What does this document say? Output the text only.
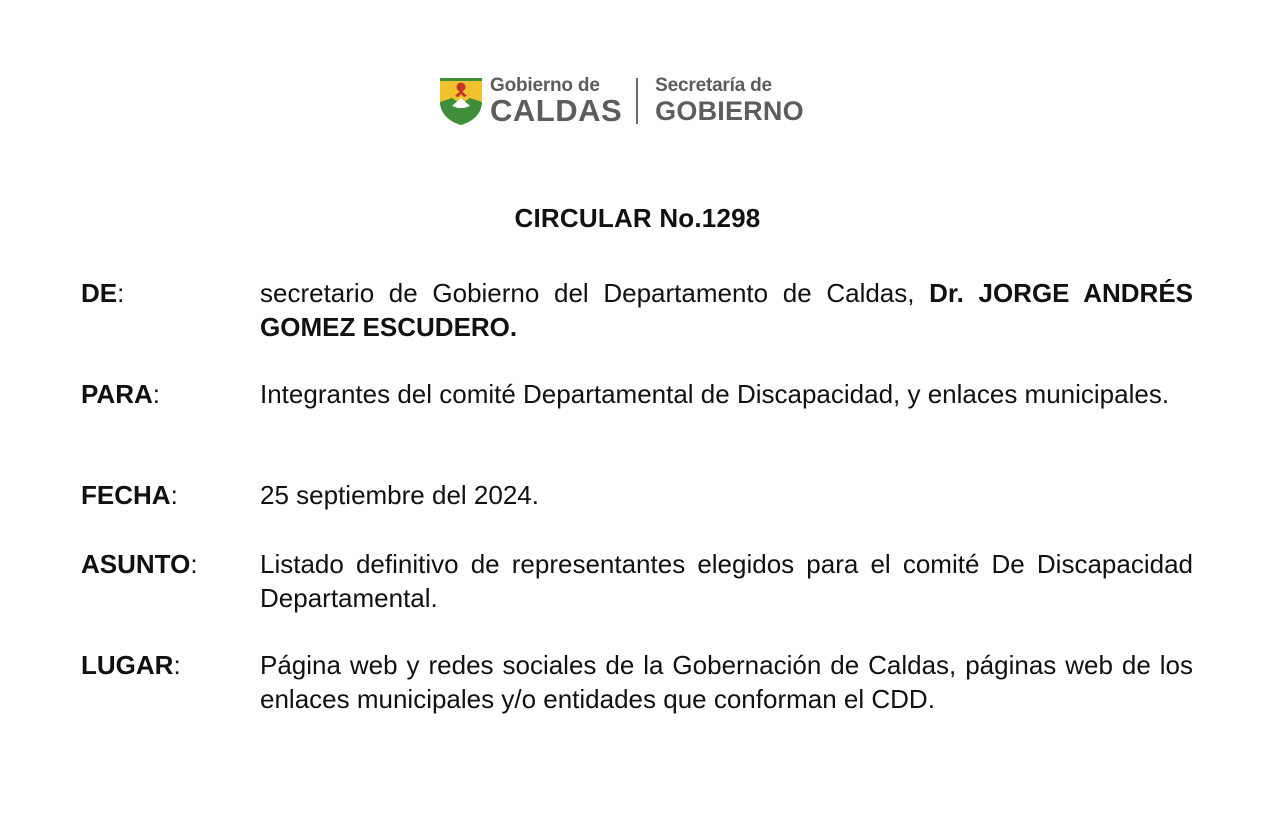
Gobierno de
CALDAS
Secretaría de
GOBIERNO
CIRCULAR No.1298
DE:	secretario de Gobierno del Departamento de Caldas, Dr. JORGE ANDRÉS GOMEZ ESCUDERO.
PARA:	Integrantes del comité Departamental de Discapacidad, y enlaces municipales.
FECHA:	25 septiembre del 2024.
ASUNTO: Listado definitivo de representantes elegidos para el comité De Discapacidad Departamental.
LUGAR:	Página web y redes sociales de la Gobernación de Caldas, páginas web de los enlaces municipales y/o entidades que conforman el CDD.
